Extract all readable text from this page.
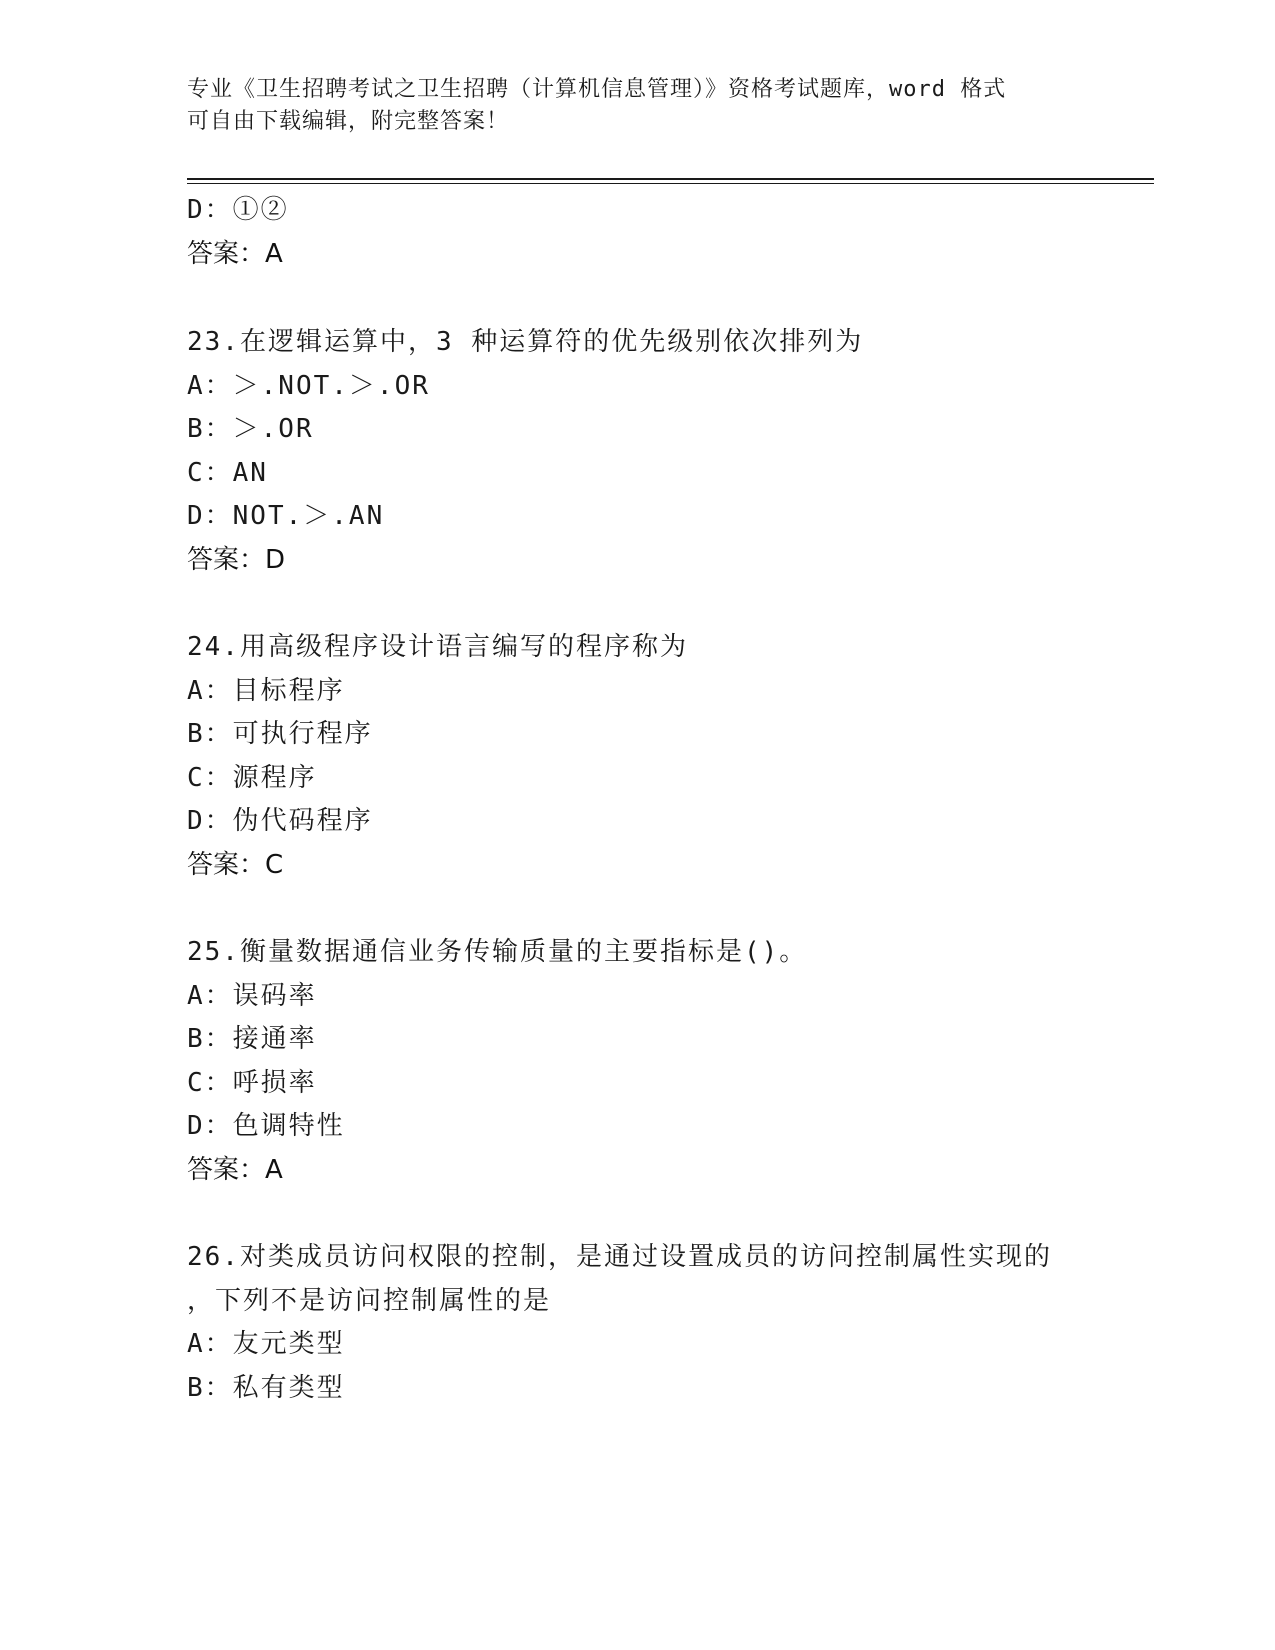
专业《卫生招聘考试之卫生招聘（计算机信息管理）》资格考试题库，word 格式
可自由下载编辑，附完整答案！
D：①②
答案：A
23.在逻辑运算中，3 种运算符的优先级别依次排列为
A：＞.NOT.＞.OR
B：＞.OR
C：AN
D：NOT.＞.AN
答案：D
24.用高级程序设计语言编写的程序称为
A：目标程序
B：可执行程序
C：源程序
D：伪代码程序
答案：C
25.衡量数据通信业务传输质量的主要指标是()。
A：误码率
B：接通率
C：呼损率
D：色调特性
答案：A
26.对类成员访问权限的控制，是通过设置成员的访问控制属性实现的
，下列不是访问控制属性的是
A：友元类型
B：私有类型
